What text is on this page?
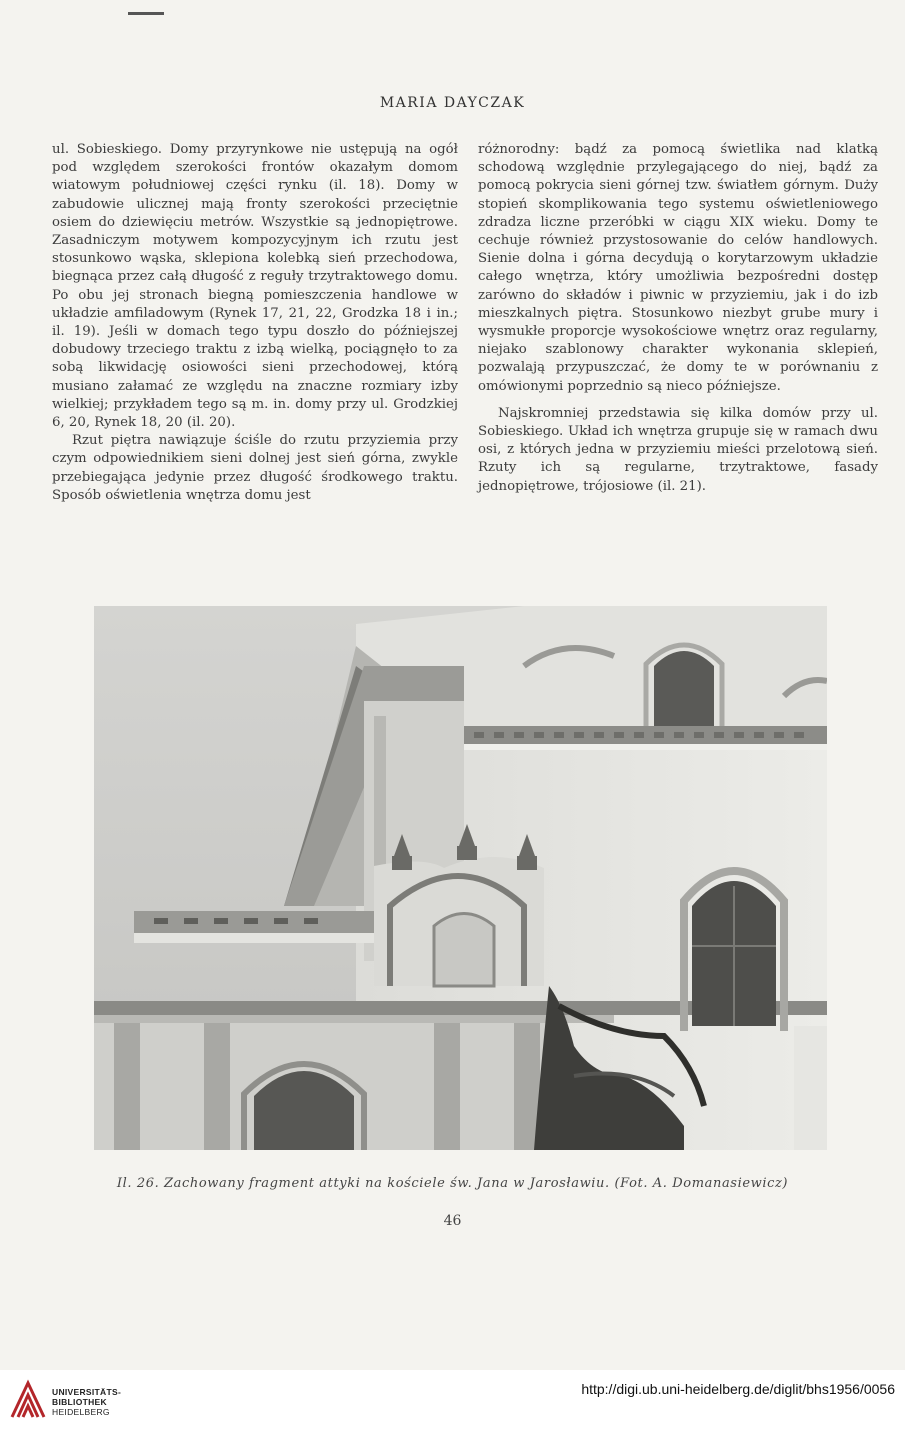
MARIA DAYCZAK

ul. Sobieskiego. Domy przyrynkowe nie ustępują na ogół pod względem szerokości frontów okazałym domom wiatowym południowej części rynku (il. 18). Domy w zabudowie ulicznej mają fronty szerokości przeciętnie osiem do dziewięciu metrów. Wszystkie są jednopiętrowe. Zasadniczym motywem kompozycyjnym ich rzutu jest stosunkowo wąska, sklepiona kolebką sień przechodowa, biegnąca przez całą długość z reguły trzytraktowego domu. Po obu jej stronach biegną pomieszczenia handlowe w układzie amfiladowym (Rynek 17, 21, 22, Grodzka 18 i in.; il. 19). Jeśli w domach tego typu doszło do późniejszej dobudowy trzeciego traktu z izbą wielką, pociągnęło to za sobą likwidację osiowości sieni przechodowej, którą musiano załamać ze względu na znaczne rozmiary izby wielkiej; przykładem tego są m. in. domy przy ul. Grodzkiej 6, 20, Rynek 18, 20 (il. 20).

Rzut piętra nawiązuje ściśle do rzutu przyziemia przy czym odpowiednikiem sieni dolnej jest sień górna, zwykle przebiegająca jedynie przez długość środkowego traktu. Sposób oświetlenia wnętrza domu jest

różnorodny: bądź za pomocą świetlika nad klatką schodową względnie przylegającego do niej, bądź za pomocą pokrycia sieni górnej tzw. światłem górnym. Duży stopień skomplikowania tego systemu oświetleniowego zdradza liczne przeróbki w ciągu XIX wieku. Domy te cechuje również przystosowanie do celów handlowych. Sienie dolna i górna decydują o korytarzowym układzie całego wnętrza, który umożliwia bezpośredni dostęp zarówno do składów i piwnic w przyziemiu, jak i do izb mieszkalnych piętra. Stosunkowo niezbyt grube mury i wysmukłe proporcje wysokościowe wnętrz oraz regularny, niejako szablonowy charakter wykonania sklepień, pozwalają przypuszczać, że domy te w porównaniu z omówionymi poprzednio są nieco późniejsze.

Najskromniej przedstawia się kilka domów przy ul. Sobieskiego. Układ ich wnętrza grupuje się w ramach dwu osi, z których jedna w przyziemiu mieści przelotową sień. Rzuty ich są regularne, trzytraktowe, fasady jednopiętrowe, trójosiowe (il. 21).

Il. 26. Zachowany fragment attyki na kościele św. Jana w Jarosławiu. (Fot. A. Domanasiewicz)
46
UNIVERSITÄTS-
BIBLIOTHEK
HEIDELBERG
http://digi.ub.uni-heidelberg.de/diglit/bhs1956/0056
